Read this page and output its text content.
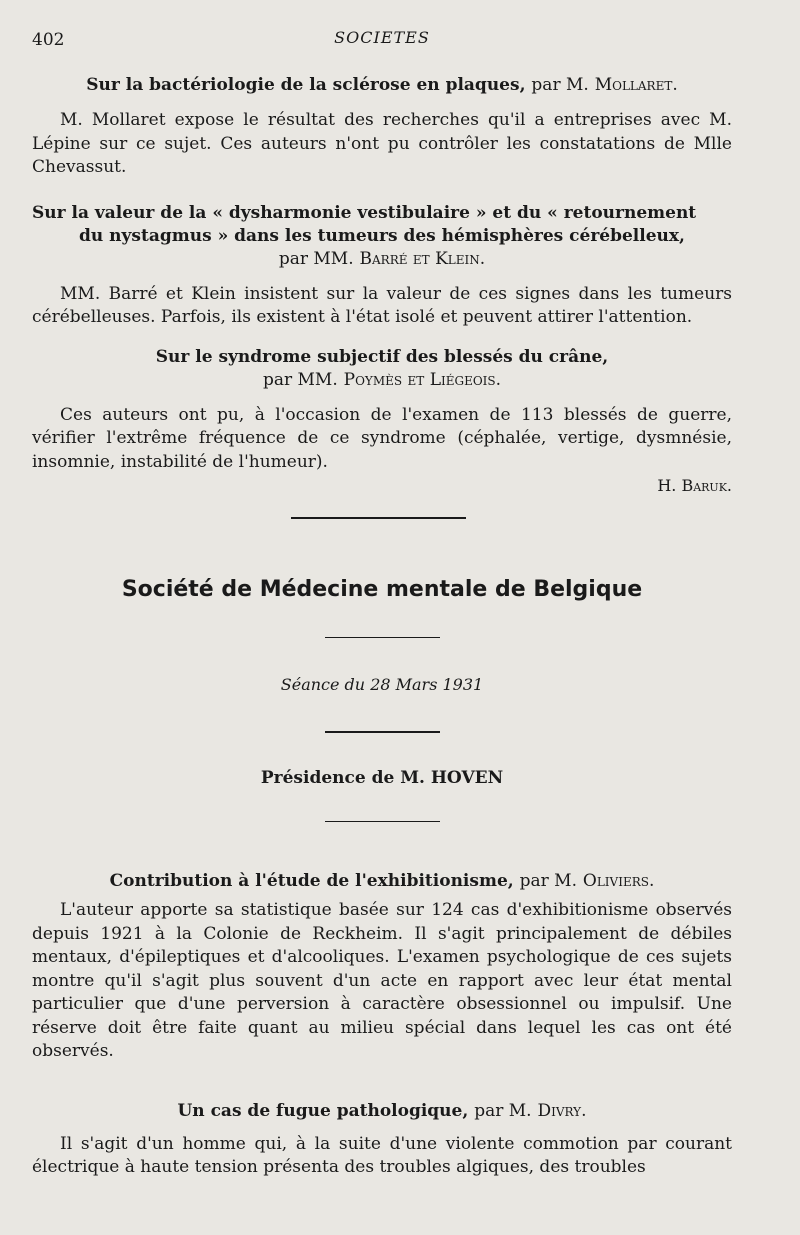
402	SOCIETES

Sur la bactériologie de la sclérose en plaques, par M. Mollaret.

M. Mollaret expose le résultat des recherches qu'il a entreprises avec M. Lépine sur ce sujet. Ces auteurs n'ont pu contrôler les constatations de Mlle Chevassut.

Sur la valeur de la « dysharmonie vestibulaire » et du « retournement

du nystagmus » dans les tumeurs des hémisphères cérébelleux,

par MM. Barré et Klein.

MM. Barré et Klein insistent sur la valeur de ces signes dans les tumeurs cérébelleuses. Parfois, ils existent à l'état isolé et peuvent attirer l'attention.

Sur le syndrome subjectif des blessés du crâne,

par MM. Poymès et Liégeois.

Ces auteurs ont pu, à l'occasion de l'examen de 113 blessés de guerre, vérifier l'extrême fréquence de ce syndrome (céphalée, vertige, dysmnésie, insomnie, instabilité de l'humeur).

H. Baruk.

Société de Médecine mentale de Belgique

Séance du 28 Mars 1931

Présidence de M. HOVEN

Contribution à l'étude de l'exhibitionisme, par M. Oliviers.

L'auteur apporte sa statistique basée sur 124 cas d'exhibitionisme observés depuis 1921 à la Colonie de Reckheim. Il s'agit principalement de débiles mentaux, d'épileptiques et d'alcooliques. L'examen psychologique de ces sujets montre qu'il s'agit plus souvent d'un acte en rapport avec leur état mental particulier que d'une perversion à caractère obsessionnel ou impulsif. Une réserve doit être faite quant au milieu spécial dans lequel les cas ont été observés.

Un cas de fugue pathologique, par M. Divry.

Il s'agit d'un homme qui, à la suite d'une violente commotion par courant électrique à haute tension présenta des troubles algiques, des troubles
